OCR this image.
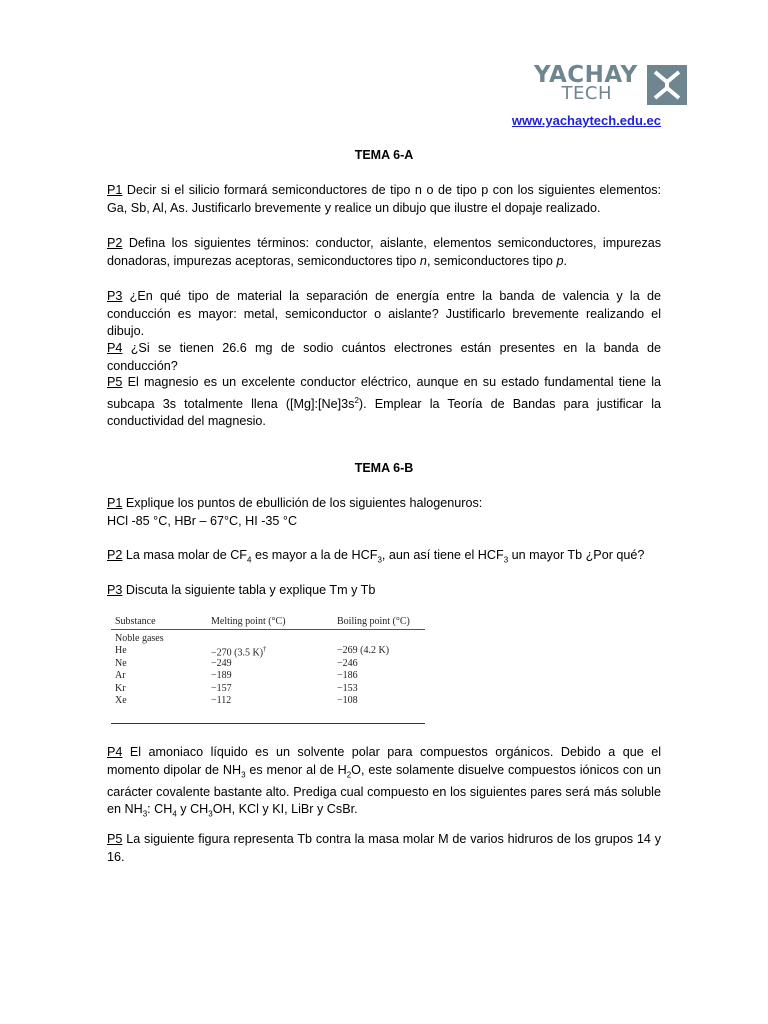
YACHAY
TECH
www.yachaytech.edu.ec
TEMA 6-A
P1 Decir si el silicio formará semiconductores de tipo n o de tipo p con los siguientes elementos: Ga, Sb, Al, As. Justificarlo brevemente y realice un dibujo que ilustre el dopaje realizado.
P2 Defina los siguientes términos: conductor, aislante, elementos semiconductores, impurezas donadoras, impurezas aceptoras, semiconductores tipo n, semiconductores tipo p.
P3 ¿En qué tipo de material la separación de energía entre la banda de valencia y la de conducción es mayor: metal, semiconductor o aislante? Justificarlo brevemente realizando el dibujo.
P4 ¿Si se tienen 26.6 mg de sodio cuántos electrones están presentes en la banda de conducción?
P5 El magnesio es un excelente conductor eléctrico, aunque en su estado fundamental tiene la subcapa 3s totalmente llena $([Mg]:[Ne]3s^2)$. Emplear la Teoría de Bandas para justificar la conductividad del magnesio.
TEMA 6-B
P1 Explique los puntos de ebullición de los siguientes halogenuros:
HCl -85 °C, HBr – 67°C, HI -35 °C
P2 La masa molar de $CF_4$ es mayor a la de $HCF_3$, aun así tiene el $HCF_3$ un mayor Tb ¿Por qué?
P3 Discuta la siguiente tabla y explique Tm y Tb
Substance	Melting point (°C)	Boiling point (°C)
Noble gases
He	−270 (3.5 K)†	−269 (4.2 K)
Ne	−249	−246
Ar	−189	−186
Kr	−157	−153
Xe	−112	−108
P4 El amoniaco líquido es un solvente polar para compuestos orgánicos. Debido a que el momento dipolar de $NH_3$ es menor al de $H_2O$, este solamente disuelve compuestos iónicos con un carácter covalente bastante alto. Prediga cual compuesto en los siguientes pares será más soluble en $NH_3$: $CH_4$ y $CH_3OH$, KCl y KI, LiBr y CsBr.
P5 La siguiente figura representa Tb contra la masa molar M de varios hidruros de los grupos 14 y 16.
